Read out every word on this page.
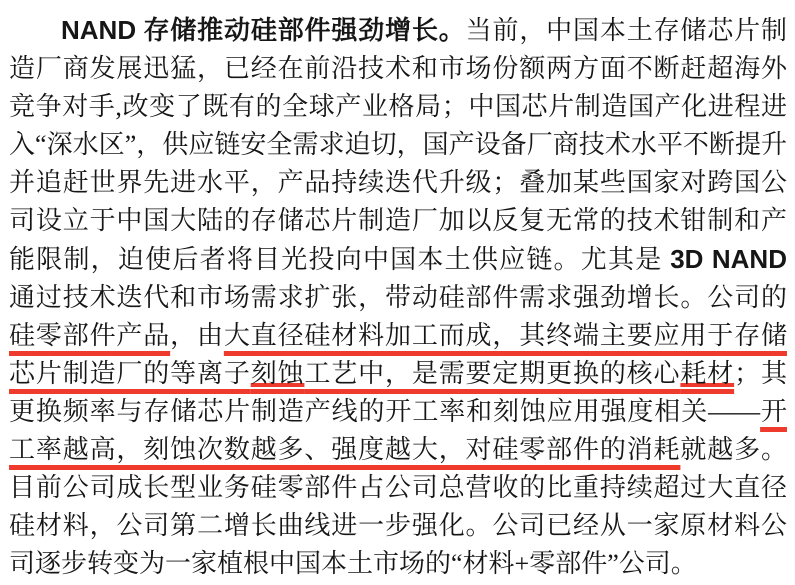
NAND 存储推动硅部件强劲增长。当前，中国本土存储芯片制造厂商发展迅猛，已经在前沿技术和市场份额两方面不断赶超海外竞争对手,改变了既有的全球产业格局；中国芯片制造国产化进程进入“深水区”，供应链安全需求迫切，国产设备厂商技术水平不断提升并追赶世界先进水平，产品持续迭代升级；叠加某些国家对跨国公司设立于中国大陆的存储芯片制造厂加以反复无常的技术钳制和产能限制，迫使后者将目光投向中国本土供应链。尤其是 3D NAND 通过技术迭代和市场需求扩张，带动硅部件需求强劲增长。公司的硅零部件产品，由大直径硅材料加工而成，其终端主要应用于存储芯片制造厂的等离子刻蚀工艺中，是需要定期更换的核心耗材；其更换频率与存储芯片制造产线的开工率和刻蚀应用强度相关——开工率越高，刻蚀次数越多、强度越大，对硅零部件的消耗就越多。目前公司成长型业务硅零部件占公司总营收的比重持续超过大直径硅材料，公司第二增长曲线进一步强化。公司已经从一家原材料公司逐步转变为一家植根中国本土市场的“材料+零部件”公司。
